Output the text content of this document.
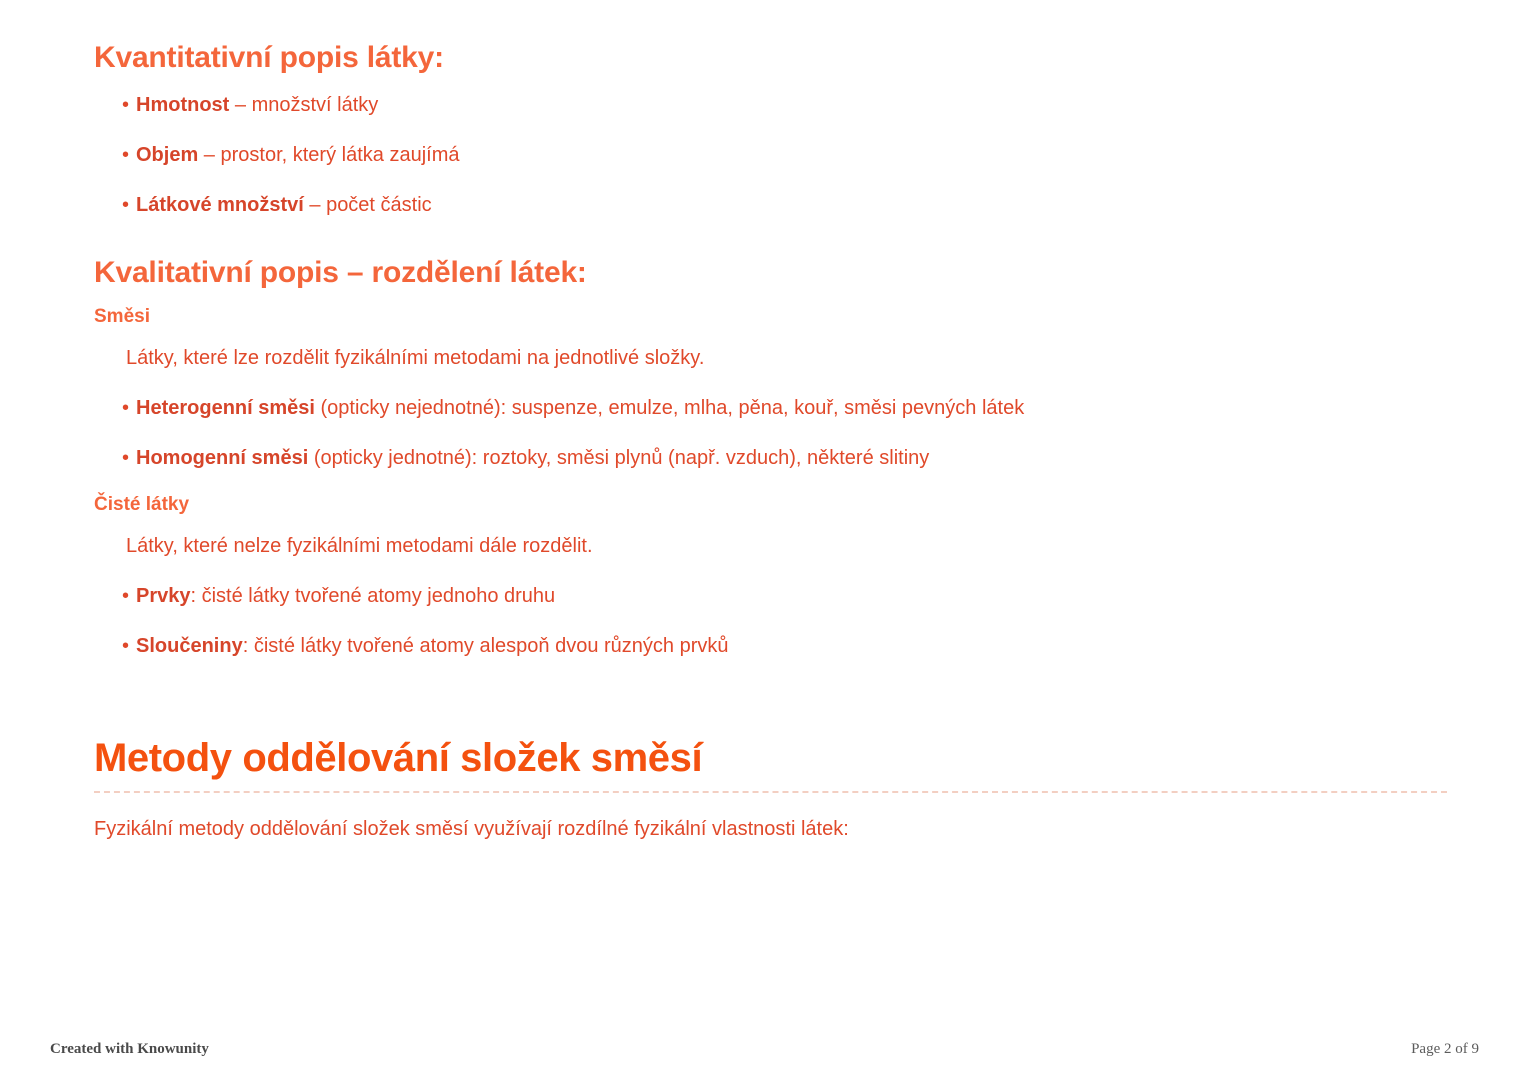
Kvantitativní popis látky:
• Hmotnost – množství látky
• Objem – prostor, který látka zaujímá
• Látkové množství – počet částic
Kvalitativní popis – rozdělení látek:
Směsi

Látky, které lze rozdělit fyzikálními metodami na jednotlivé složky.

• Heterogenní směsi (opticky nejednotné): suspenze, emulze, mlha, pěna, kouř, směsi pevných látek
• Homogenní směsi (opticky jednotné): roztoky, směsi plynů (např. vzduch), některé slitiny
Čisté látky

Látky, které nelze fyzikálními metodami dále rozdělit.

• Prvky: čisté látky tvořené atomy jednoho druhu
• Sloučeniny: čisté látky tvořené atomy alespoň dvou různých prvků
Metody oddělování složek směsí

Fyzikální metody oddělování složek směsí využívají rozdílné fyzikální vlastnosti látek:

Created with Knowunity	Page 2 of 9
